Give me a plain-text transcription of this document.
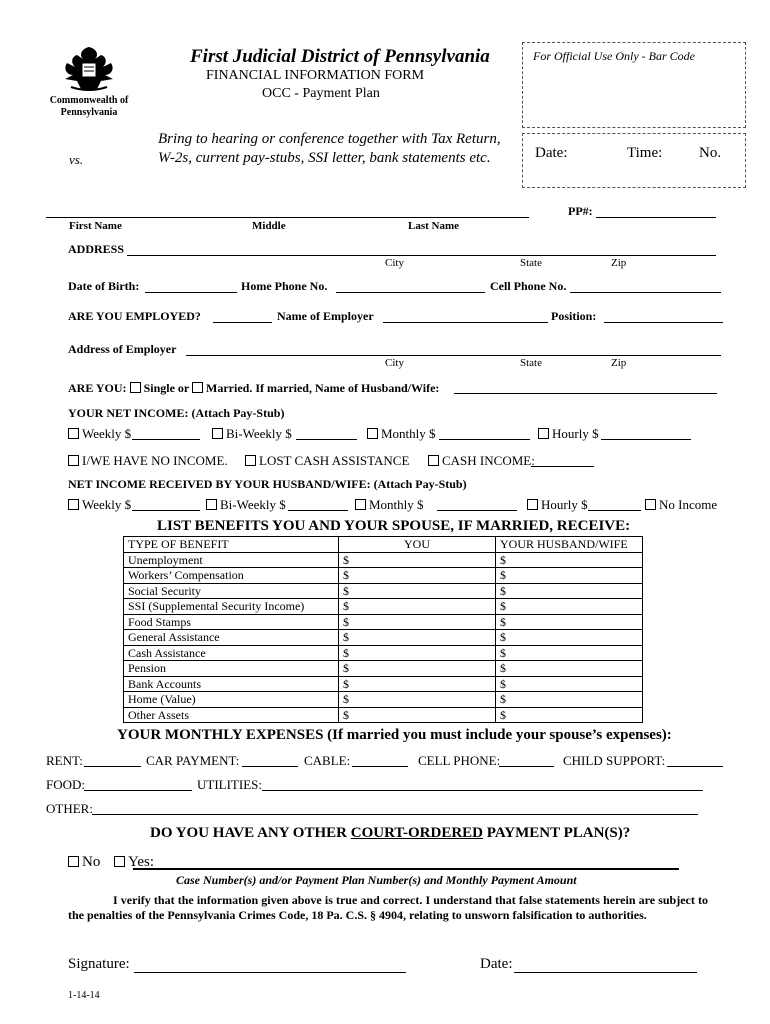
Commonwealth of
Pennsylvania
First Judicial District of Pennsylvania
FINANCIAL INFORMATION FORM
OCC - Payment Plan
For Official Use Only - Bar Code
Bring to hearing or conference together with Tax Return,
W-2s, current pay-stubs, SSI letter, bank statements etc.
vs.	Date:	Time: No.
PP#:
First Name	Middle	Last Name
ADDRESS
City	State	Zip
Date of Birth:	Home Phone No.	Cell Phone No.
ARE YOU EMPLOYED?	Name of Employer	Position:
Address of Employer
City	State	Zip
ARE YOU: Single or Married. If married, Name of Husband/Wife:
YOUR NET INCOME: (Attach Pay-Stub)
Weekly $	Bi-Weekly $	Monthly $	Hourly $
I/WE HAVE NO INCOME.	LOST CASH ASSISTANCE	CASH INCOME:
NET INCOME RECEIVED BY YOUR HUSBAND/WIFE: (Attach Pay-Stub)
Weekly $	Bi-Weekly $	Monthly $	Hourly $	No Income
LIST BENEFITS YOU AND YOUR SPOUSE, IF MARRIED, RECEIVE:
TYPE OF BENEFIT	YOU	YOUR HUSBAND/WIFE
Unemployment	$	$
Workers’ Compensation	$	$
Social Security	$	$
SSI (Supplemental Security Income)	$	$
Food Stamps	$	$
General Assistance	$	$
Cash Assistance	$	$
Pension	$	$
Bank Accounts	$	$
Home (Value)	$	$
Other Assets	$	$
YOUR MONTHLY EXPENSES (If married you must include your spouse’s expenses):
RENT:	CAR PAYMENT:	CABLE:	CELL PHONE:	CHILD SUPPORT:
FOOD:	UTILITIES:
OTHER:
DO YOU HAVE ANY OTHER COURT-ORDERED PAYMENT PLAN(S)?
No	Yes:
Case Number(s) and/or Payment Plan Number(s) and Monthly Payment Amount
I verify that the information given above is true and correct. I understand that false statements herein are subject to the penalties of the Pennsylvania Crimes Code, 18 Pa. C.S. § 4904, relating to unsworn falsification to authorities.
Signature:	Date:
1-14-14
